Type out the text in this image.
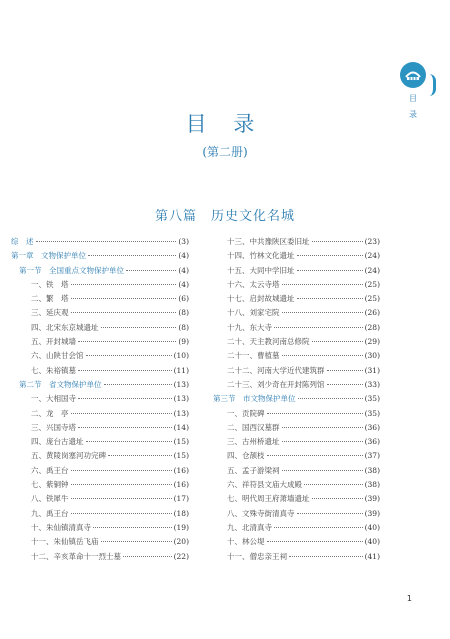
目
录
目 录
(第二册)
第八篇　历史文化名城
综　述	(3)
第一章　文物保护单位	(4)
第一节　全国重点文物保护单位	(4)
一、铁　塔	(4)
二、繁　塔	(6)
三、延庆观	(8)
四、北宋东京城遗址	(8)
五、开封城墙	(9)
六、山陕甘会馆	(10)
七、朱裕镇墓	(11)
第二节　省文物保护单位	(13)
一、大相国寺	(13)
二、龙　亭	(13)
三、兴国寺塔	(14)
四、庞台古遗址	(15)
五、黄陵岗塞河功完碑	(15)
六、禹王台	(16)
七、紫铜钟	(16)
八、铁犀牛	(17)
九、禹王台	(18)
十、朱仙镇清真寺	(19)
十一、朱仙镇岳飞庙	(20)
十二、辛亥革命十一烈士墓	(22)
十三、中共豫陕区委旧址	(23)
十四、竹林文化遗址	(24)
十五、大同中学旧址	(24)
十六、太云寺塔	(25)
十七、启封故城遗址	(25)
十八、刘家宅院	(26)
十九、东大寺	(28)
二十、天主教河南总修院	(29)
二十一、曹植墓	(30)
二十二、河南大学近代建筑群	(31)
二十三、刘少奇在开封陈列馆	(33)
第三节　市文物保护单位	(35)
一、贡院碑	(35)
二、国西汉墓群	(36)
三、古州桥遗址	(36)
四、仓颉枝	(37)
五、孟子游梁祠	(38)
六、祥符县文庙大成殿	(38)
七、明代周王府萧墙遗址	(39)
八、文殊寺街清真寺	(39)
九、北清真寺	(40)
十、林公堤	(40)
十一、僧忠亲王祠	(41)
1
